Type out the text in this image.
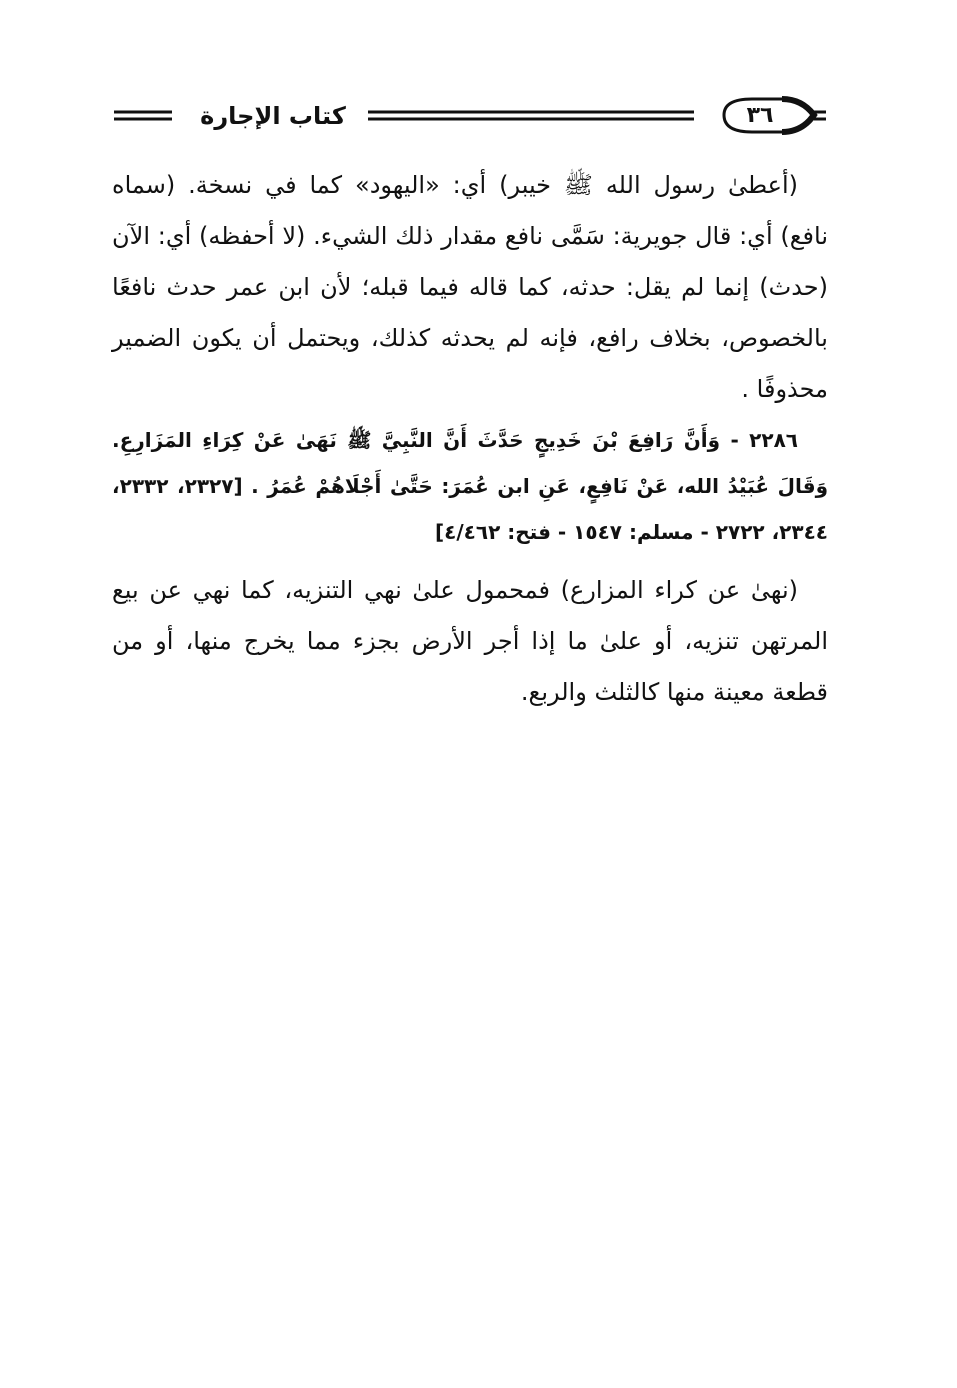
٣٦
كتاب الإجارة

(أعطىٰ رسول الله ﷺ خيبر) أي: «اليهود» كما في نسخة. (سماه نافع) أي: قال جويرية: سَمَّى نافع مقدار ذلك الشيء. (لا أحفظه) أي: الآن (حدث) إنما لم يقل: حدثه، كما قاله فيما قبله؛ لأن ابن عمر حدث نافعًا بالخصوص، بخلاف رافع، فإنه لم يحدثه كذلك، ويحتمل أن يكون الضمير محذوفًا .

٢٢٨٦ - وَأَنَّ رَافِعَ بْنَ خَدِيجٍ حَدَّثَ أَنَّ النَّبِيَّ ﷺ نَهَىٰ عَنْ كِرَاءِ المَزَارِعِ. وَقَالَ عُبَيْدُ الله، عَنْ نَافِعٍ، عَنِ ابن عُمَرَ: حَتَّىٰ أَجْلَاهُمْ عُمَرُ . [٢٣٢٧، ٢٣٣٢، ٢٣٤٤، ٢٧٢٢ - مسلم: ١٥٤٧ - فتح: ٤/٤٦٢]

(نهىٰ عن كراء المزارع) فمحمول علىٰ نهي التنزيه، كما نهي عن بيع المرتهن تنزيه، أو علىٰ ما إذا أجر الأرض بجزء مما يخرج منها، أو من قطعة معينة منها كالثلث والربع.
